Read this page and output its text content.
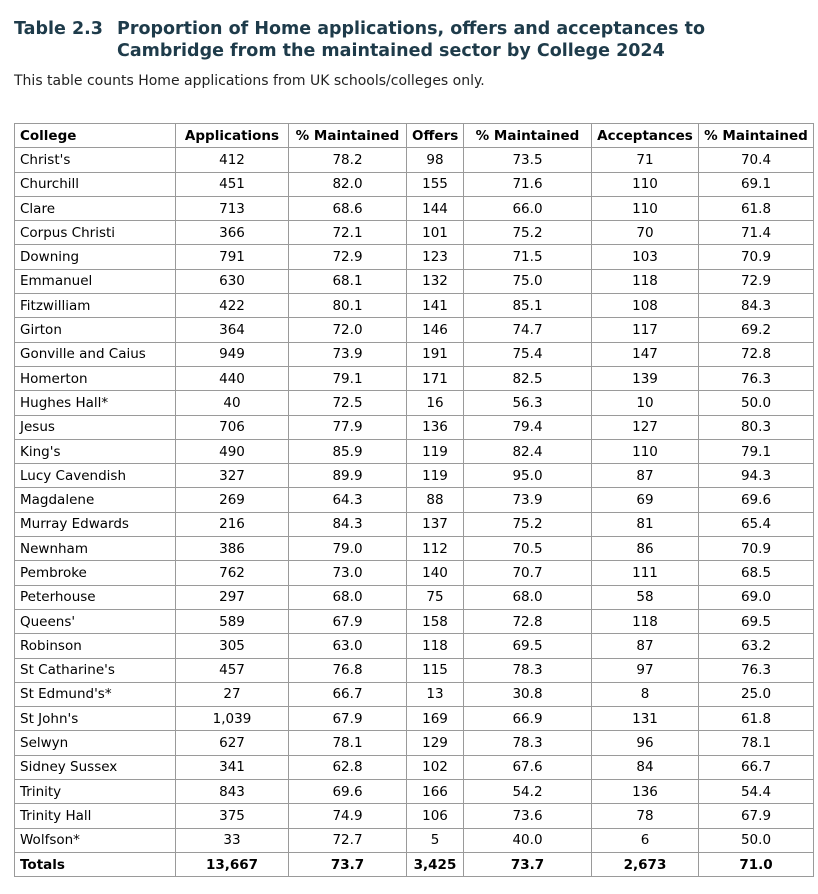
Table 2.3 Proportion of Home applications, offers and acceptances to
Cambridge from the maintained sector by College 2024
This table counts Home applications from UK schools/colleges only.
College	Applications	% Maintained	Offers	% Maintained	Acceptances	% Maintained
Christ's	412	78.2	98	73.5	71	70.4
Churchill	451	82.0	155	71.6	110	69.1
Clare	713	68.6	144	66.0	110	61.8
Corpus Christi	366	72.1	101	75.2	70	71.4
Downing	791	72.9	123	71.5	103	70.9
Emmanuel	630	68.1	132	75.0	118	72.9
Fitzwilliam	422	80.1	141	85.1	108	84.3
Girton	364	72.0	146	74.7	117	69.2
Gonville and Caius	949	73.9	191	75.4	147	72.8
Homerton	440	79.1	171	82.5	139	76.3
Hughes Hall*	40	72.5	16	56.3	10	50.0
Jesus	706	77.9	136	79.4	127	80.3
King's	490	85.9	119	82.4	110	79.1
Lucy Cavendish	327	89.9	119	95.0	87	94.3
Magdalene	269	64.3	88	73.9	69	69.6
Murray Edwards	216	84.3	137	75.2	81	65.4
Newnham	386	79.0	112	70.5	86	70.9
Pembroke	762	73.0	140	70.7	111	68.5
Peterhouse	297	68.0	75	68.0	58	69.0
Queens'	589	67.9	158	72.8	118	69.5
Robinson	305	63.0	118	69.5	87	63.2
St Catharine's	457	76.8	115	78.3	97	76.3
St Edmund's*	27	66.7	13	30.8	8	25.0
St John's	1,039	67.9	169	66.9	131	61.8
Selwyn	627	78.1	129	78.3	96	78.1
Sidney Sussex	341	62.8	102	67.6	84	66.7
Trinity	843	69.6	166	54.2	136	54.4
Trinity Hall	375	74.9	106	73.6	78	67.9
Wolfson*	33	72.7	5	40.0	6	50.0
Totals	13,667	73.7	3,425	73.7	2,673	71.0
